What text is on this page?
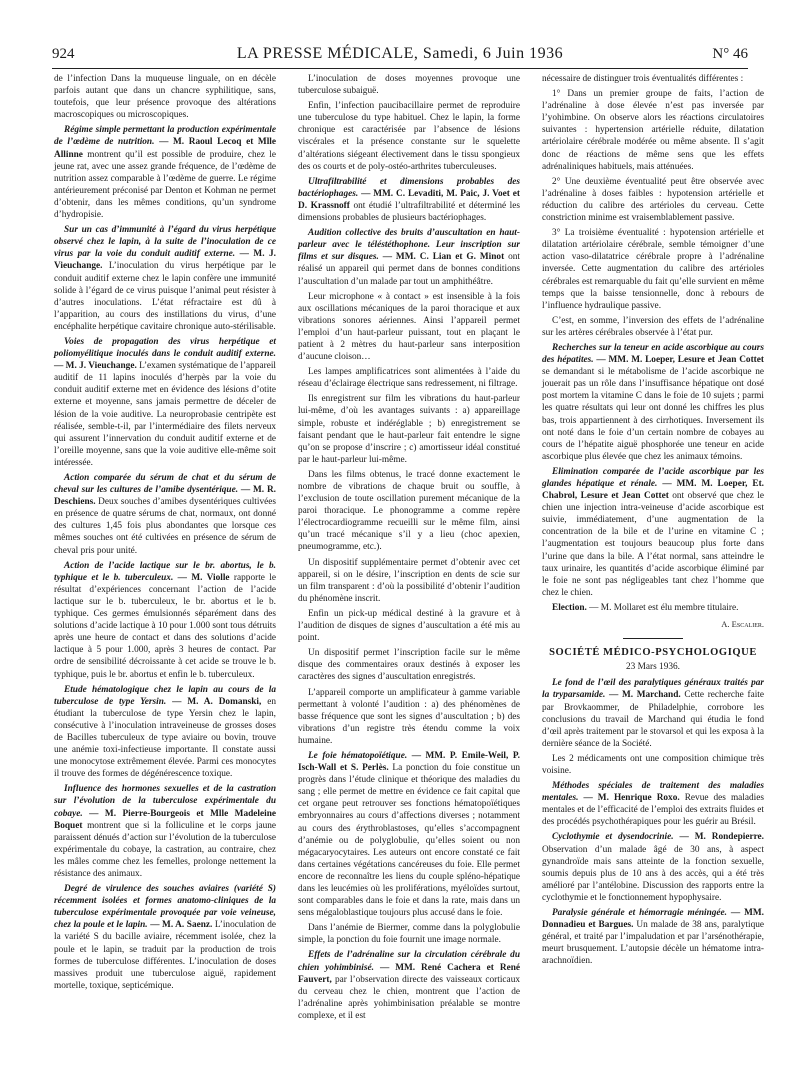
924	LA PRESSE MÉDICALE, Samedi, 6 Juin 1936	N° 46

de l’infection Dans la muqueuse linguale, on en décèle parfois autant que dans un chancre syphilitique, sans, toutefois, que leur présence provoque des altérations macroscopiques ou microscopiques.

Régime simple permettant la production expérimentale de l’œdème de nutrition. — M. Raoul Lecoq et Mlle Allinne montrent qu’il est possible de produire, chez le jeune rat, avec une assez grande fréquence, de l’œdème de nutrition assez comparable à l’œdème de guerre. Le régime antérieurement préconisé par Denton et Kohman ne permet d’obtenir, dans les mêmes conditions, qu’un syndrome d’hydropisie.

Sur un cas d’immunité à l’égard du virus herpétique observé chez le lapin, à la suite de l’inoculation de ce virus par la voie du conduit auditif externe. — M. J. Vieuchange. L’inoculation du virus herpétique par le conduit auditif externe chez le lapin confère une immunité solide à l’égard de ce virus puisque l’animal peut résister à d’autres inoculations. L’état réfractaire est dû à l’apparition, au cours des instillations du virus, d’une encéphalite herpétique cavitaire chronique auto-stérilisable.

Voies de propagation des virus herpétique et poliomyélitique inoculés dans le conduit auditif externe. — M. J. Vieuchange. L’examen systématique de l’appareil auditif de 11 lapins inoculés d’herpès par la voie du conduit auditif externe met en évidence des lésions d’otite externe et moyenne, sans jamais permettre de déceler de lésion de la voie auditive. La neuroprobasie centripète est réalisée, semble-t-il, par l’intermédiaire des filets nerveux qui assurent l’innervation du conduit auditif externe et de l’oreille moyenne, sans que la voie auditive elle-même soit intéressée.

Action comparée du sérum de chat et du sérum de cheval sur les cultures de l’amibe dysentérique. — M. R. Deschiens. Deux souches d’amibes dysentériques cultivées en présence de quatre sérums de chat, normaux, ont donné des cultures 1,45 fois plus abondantes que lorsque ces mêmes souches ont été cultivées en présence de sérum de cheval pris pour unité.

Action de l’acide lactique sur le br. abortus, le b. typhique et le b. tuberculeux. — M. Violle rapporte le résultat d’expériences concernant l’action de l’acide lactique sur le b. tuberculeux, le br. abortus et le b. typhique. Ces germes émulsionnés séparément dans des solutions d’acide lactique à 10 pour 1.000 sont tous détruits après une heure de contact et dans des solutions d’acide lactique à 5 pour 1.000, après 3 heures de contact. Par ordre de sensibilité décroissante à cet acide se trouve le b. typhique, puis le br. abortus et enfin le b. tuberculeux.

Etude hématologique chez le lapin au cours de la tuberculose de type Yersin. — M. A. Domanski, en étudiant la tuberculose de type Yersin chez le lapin, consécutive à l’inoculation intraveineuse de grosses doses de Bacilles tuberculeux de type aviaire ou bovin, trouve une anémie toxi-infectieuse importante. Il constate aussi une monocytose extrêmement élevée. Parmi ces monocytes il trouve des formes de dégénérescence toxique.

Influence des hormones sexuelles et de la castration sur l’évolution de la tuberculose expérimentale du cobaye. — M. Pierre-Bourgeois et Mlle Madeleine Boquet montrent que si la folliculine et le corps jaune paraissent dénués d’action sur l’évolution de la tuberculose expérimentale du cobaye, la castration, au contraire, chez les mâles comme chez les femelles, prolonge nettement la résistance des animaux.

Degré de virulence des souches aviaires (variété S) récemment isolées et formes anatomo-cliniques de la tuberculose expérimentale provoquée par voie veineuse, chez la poule et le lapin. — M. A. Saenz. L’inoculation de la variété S du bacille aviaire, récemment isolée, chez la poule et le lapin, se traduit par la production de trois formes de tuberculose différentes. L’inoculation de doses massives produit une tuberculose aiguë, rapidement mortelle, toxique, septicémique.

L’inoculation de doses moyennes provoque une tuberculose subaiguë.

Enfin, l’infection paucibacillaire permet de reproduire une tuberculose du type habituel. Chez le lapin, la forme chronique est caractérisée par l’absence de lésions viscérales et la présence constante sur le squelette d’altérations siégeant électivement dans le tissu spongieux des os courts et de poly-ostéo-arthrites tuberculeuses.

Ultrafiltrabilité et dimensions probables des bactériophages. — MM. C. Levaditi, M. Paic, J. Voet et D. Krassnoff ont étudié l’ultrafiltrabilité et déterminé les dimensions probables de plusieurs bactériophages.

Audition collective des bruits d’auscultation en haut-parleur avec le téléstéthophone. Leur inscription sur films et sur disques. — MM. C. Lian et G. Minot ont réalisé un appareil qui permet dans de bonnes conditions l’auscultation d’un malade par tout un amphithéâtre.

Leur microphone « à contact » est insensible à la fois aux oscillations mécaniques de la paroi thoracique et aux vibrations sonores aériennes. Ainsi l’appareil permet l’emploi d’un haut-parleur puissant, tout en plaçant le patient à 2 mètres du haut-parleur sans interposition d’aucune cloison…

Les lampes amplificatrices sont alimentées à l’aide du réseau d’éclairage électrique sans redressement, ni filtrage.

Ils enregistrent sur film les vibrations du haut-parleur lui-même, d’où les avantages suivants : a) appareillage simple, robuste et indéréglable ; b) enregistrement se faisant pendant que le haut-parleur fait entendre le signe qu’on se propose d’inscrire ; c) amortisseur idéal constitué par le haut-parleur lui-même.

Dans les films obtenus, le tracé donne exactement le nombre de vibrations de chaque bruit ou souffle, à l’exclusion de toute oscillation purement mécanique de la paroi thoracique. Le phonogramme a comme repère l’électrocardiogramme recueilli sur le même film, ainsi qu’un tracé mécanique s’il y a lieu (choc apexien, pneumogramme, etc.).

Un dispositif supplémentaire permet d’obtenir avec cet appareil, si on le désire, l’inscription en dents de scie sur un film transparent : d’où la possibilité d’obtenir l’audition du phénomène inscrit.

Enfin un pick-up médical destiné à la gravure et à l’audition de disques de signes d’auscultation a été mis au point.

Un dispositif permet l’inscription facile sur le même disque des commentaires oraux destinés à exposer les caractères des signes d’auscultation enregistrés.

L’appareil comporte un amplificateur à gamme variable permettant à volonté l’audition : a) des phénomènes de basse fréquence que sont les signes d’auscultation ; b) des vibrations d’un registre très étendu comme la voix humaine.

Le foie hématopoïétique. — MM. P. Emile-Weil, P. Isch-Wall et S. Perlès. La ponction du foie constitue un progrès dans l’étude clinique et théorique des maladies du sang ; elle permet de mettre en évidence ce fait capital que cet organe peut retrouver ses fonctions hématopoïétiques embryonnaires au cours d’affections diverses ; notamment au cours des érythroblastoses, qu’elles s’accompagnent d’anémie ou de polyglobulie, qu’elles soient ou non mégacaryocytaires. Les auteurs ont encore constaté ce fait dans certaines végétations cancéreuses du foie. Elle permet encore de reconnaître les liens du couple spléno-hépatique dans les leucémies où les proliférations, myéloïdes surtout, sont comparables dans le foie et dans la rate, mais dans un sens mégaloblastique toujours plus accusé dans le foie.

Dans l’anémie de Biermer, comme dans la polyglobulie simple, la ponction du foie fournit une image normale.

Effets de l’adrénaline sur la circulation cérébrale du chien yohimbinisé. — MM. René Cachera et René Fauvert, par l’observation directe des vaisseaux corticaux du cerveau chez le chien, montrent que l’action de l’adrénaline après yohimbinisation préalable se montre complexe, et il est

nécessaire de distinguer trois éventualités différentes :

1° Dans un premier groupe de faits, l’action de l’adrénaline à dose élevée n’est pas inversée par l’yohimbine. On observe alors les réactions circulatoires suivantes : hypertension artérielle réduite, dilatation artériolaire cérébrale modérée ou même absente. Il s’agit donc de réactions de même sens que les effets adrénaliniques habituels, mais atténuées.

2° Une deuxième éventualité peut être observée avec l’adrénaline à doses faibles : hypotension artérielle et réduction du calibre des artérioles du cerveau. Cette constriction minime est vraisemblablement passive.

3° La troisième éventualité : hypotension artérielle et dilatation artériolaire cérébrale, semble témoigner d’une action vaso-dilatatrice cérébrale propre à l’adrénaline inversée. Cette augmentation du calibre des artérioles cérébrales est remarquable du fait qu’elle survient en même temps que la baisse tensionnelle, donc à rebours de l’influence hydraulique passive.

C’est, en somme, l’inversion des effets de l’adrénaline sur les artères cérébrales observée à l’état pur.

Recherches sur la teneur en acide ascorbique au cours des hépatites. — MM. M. Loeper, Lesure et Jean Cottet se demandant si le métabolisme de l’acide ascorbique ne jouerait pas un rôle dans l’insuffisance hépatique ont dosé post mortem la vitamine C dans le foie de 10 sujets ; parmi les quatre résultats qui leur ont donné les chiffres les plus bas, trois appartiennent à des cirrhotiques. Inversement ils ont noté dans le foie d’un certain nombre de cobayes au cours de l’hépatite aiguë phosphorée une teneur en acide ascorbique plus élevée que chez les animaux témoins.

Elimination comparée de l’acide ascorbique par les glandes hépatique et rénale. — MM. M. Loeper, Et. Chabrol, Lesure et Jean Cottet ont observé que chez le chien une injection intra-veineuse d’acide ascorbique est suivie, immédiatement, d’une augmentation de la concentration de la bile et de l’urine en vitamine C ; l’augmentation est toujours beaucoup plus forte dans l’urine que dans la bile. A l’état normal, sans atteindre le taux urinaire, les quantités d’acide ascorbique éliminé par le foie ne sont pas négligeables tant chez l’homme que chez le chien.

Election. — M. Mollaret est élu membre titulaire.

A. Escalier.
SOCIÉTÉ MÉDICO-PSYCHOLOGIQUE
23 Mars 1936.

Le fond de l’œil des paralytiques généraux traités par la tryparsamide. — M. Marchand. Cette recherche faite par Brovkaommer, de Philadelphie, corrobore les conclusions du travail de Marchand qui étudia le fond d’œil après traitement par le stovarsol et qui les exposa à la dernière séance de la Société.

Les 2 médicaments ont une composition chimique très voisine.

Méthodes spéciales de traitement des maladies mentales. — M. Henrique Roxo. Revue des maladies mentales et de l’efficacité de l’emploi des extraits fluides et des procédés psychothérapiques pour les guérir au Brésil.

Cyclothymie et dysendocrinie. — M. Rondepierre. Observation d’un malade âgé de 30 ans, à aspect gynandroïde mais sans atteinte de la fonction sexuelle, soumis depuis plus de 10 ans à des accès, qui a été très amélioré par l’antélobine. Discussion des rapports entre la cyclothymie et le fonctionnement hypophysaire.

Paralysie générale et hémorragie méningée. — MM. Donnadieu et Bargues. Un malade de 38 ans, paralytique général, et traité par l’impaludation et par l’arsénothérapie, meurt brusquement. L’autopsie décèle un hématome intra-arachnoïdien.
